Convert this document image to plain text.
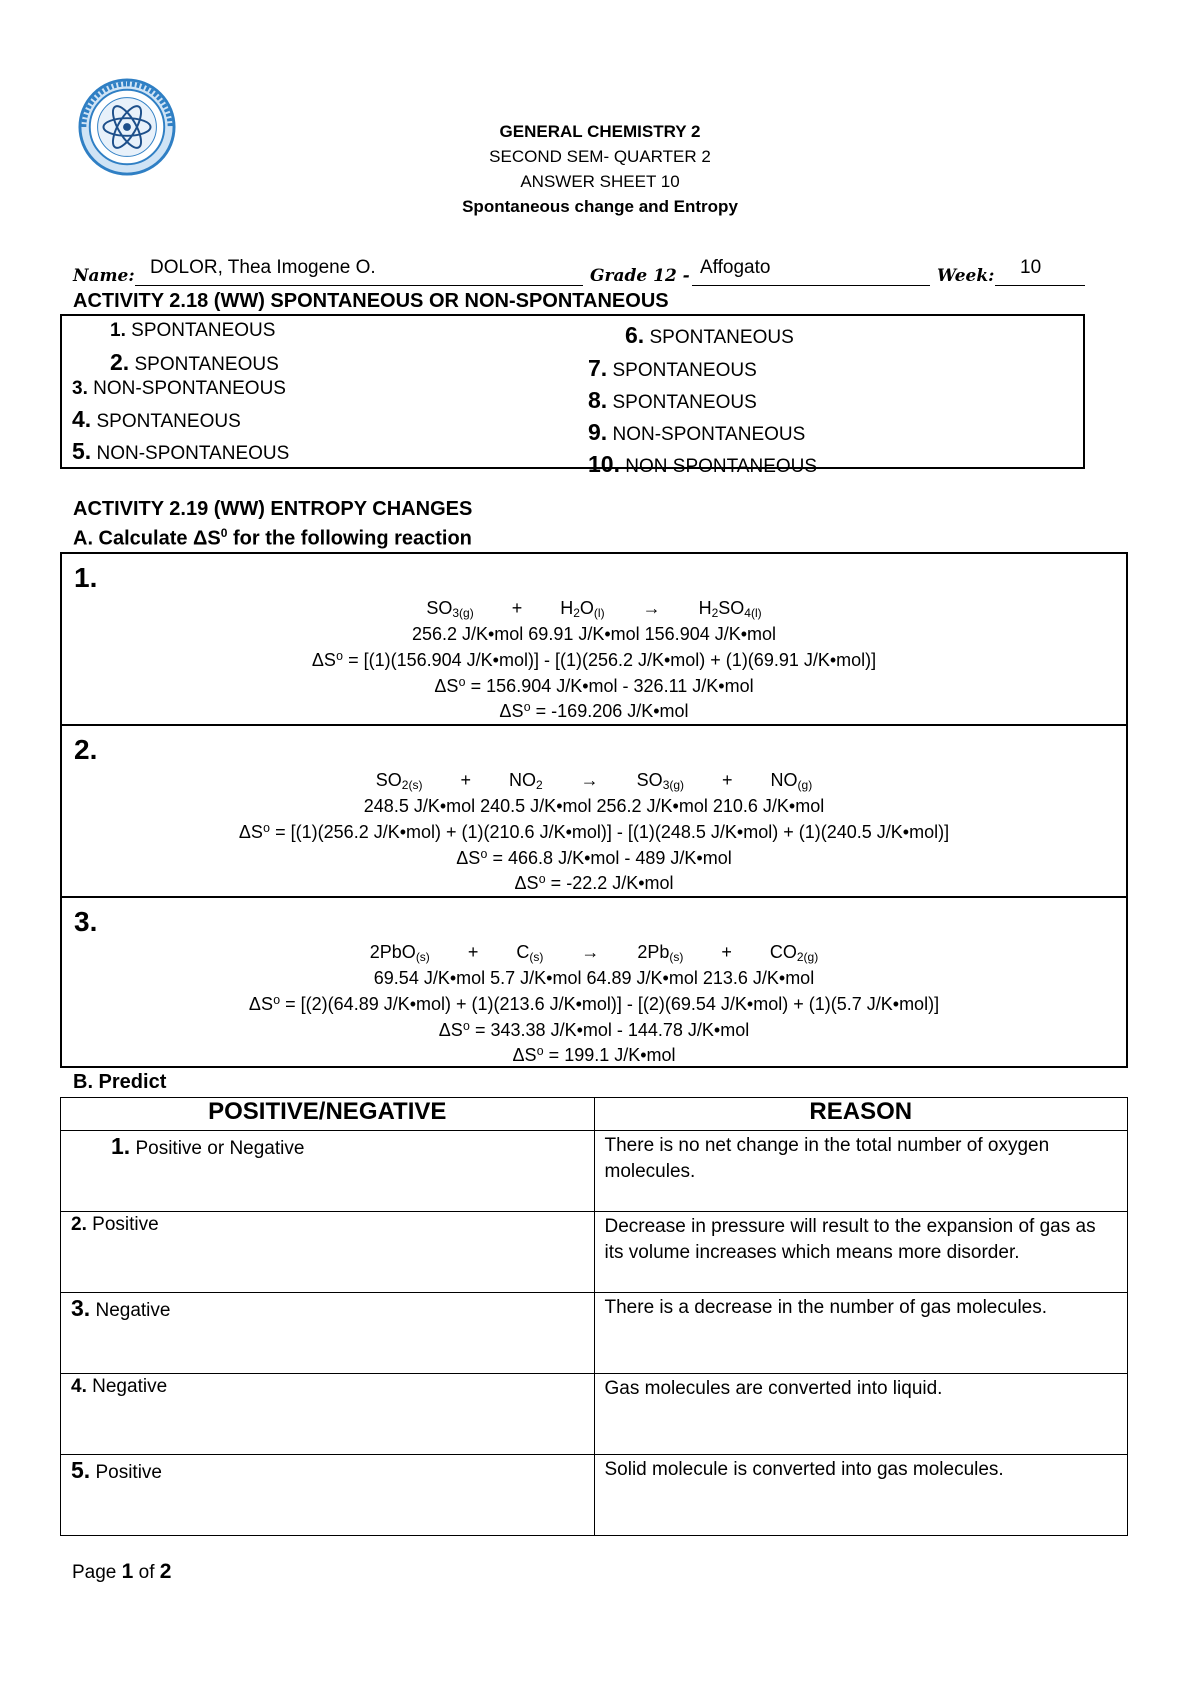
GENERAL CHEMISTRY 2
SECOND SEM- QUARTER 2
ANSWER SHEET 10
Spontaneous change and Entropy
Name: DOLOR, Thea Imogene O.	Grade 12 - Affogato	Week: 10
ACTIVITY 2.18 (WW) SPONTANEOUS OR NON-SPONTANEOUS
1. SPONTANEOUS
2. SPONTANEOUS
3. NON-SPONTANEOUS
4. SPONTANEOUS
5. NON-SPONTANEOUS
6. SPONTANEOUS
7. SPONTANEOUS
8. SPONTANEOUS
9. NON-SPONTANEOUS
10. NON SPONTANEOUS
ACTIVITY 2.19 (WW) ENTROPY CHANGES
A. Calculate $\Delta S^0$ for the following reaction
1.
$SO_{3(g)} + H_2O_{(l)} \to H_2SO_{4(l)}$
256.2 J/K•mol 69.91 J/K•mol 156.904 J/K•mol
ΔS⁰ = [(1)(156.904 J/K•mol)] - [(1)(256.2 J/K•mol) + (1)(69.91 J/K•mol)]
ΔS⁰ = 156.904 J/K•mol - 326.11 J/K•mol
ΔS⁰ = -169.206 J/K•mol
2.
$SO_{2(s)} + NO_2 \to SO_{3(g)} + NO_{(g)}$
248.5 J/K•mol 240.5 J/K•mol 256.2 J/K•mol 210.6 J/K•mol
ΔS⁰ = [(1)(256.2 J/K•mol) + (1)(210.6 J/K•mol)] - [(1)(248.5 J/K•mol) + (1)(240.5 J/K•mol)]
ΔS⁰ = 466.8 J/K•mol - 489 J/K•mol
ΔS⁰ = -22.2 J/K•mol
3.
$2PbO_{(s)} + C_{(s)} \to 2Pb_{(s)} + CO_{2(g)}$
69.54 J/K•mol 5.7 J/K•mol 64.89 J/K•mol 213.6 J/K•mol
ΔS⁰ = [(2)(64.89 J/K•mol) + (1)(213.6 J/K•mol)] - [(2)(69.54 J/K•mol) + (1)(5.7 J/K•mol)]
ΔS⁰ = 343.38 J/K•mol - 144.78 J/K•mol
ΔS⁰ = 199.1 J/K•mol
B. Predict
POSITIVE/NEGATIVE	REASON
1. Positive or Negative	There is no net change in the total number of oxygen molecules.
2. Positive	Decrease in pressure will result to the expansion of gas as its volume increases which means more disorder.
3. Negative	There is a decrease in the number of gas molecules.
4. Negative	Gas molecules are converted into liquid.
5. Positive	Solid molecule is converted into gas molecules.
Page 1 of 2
